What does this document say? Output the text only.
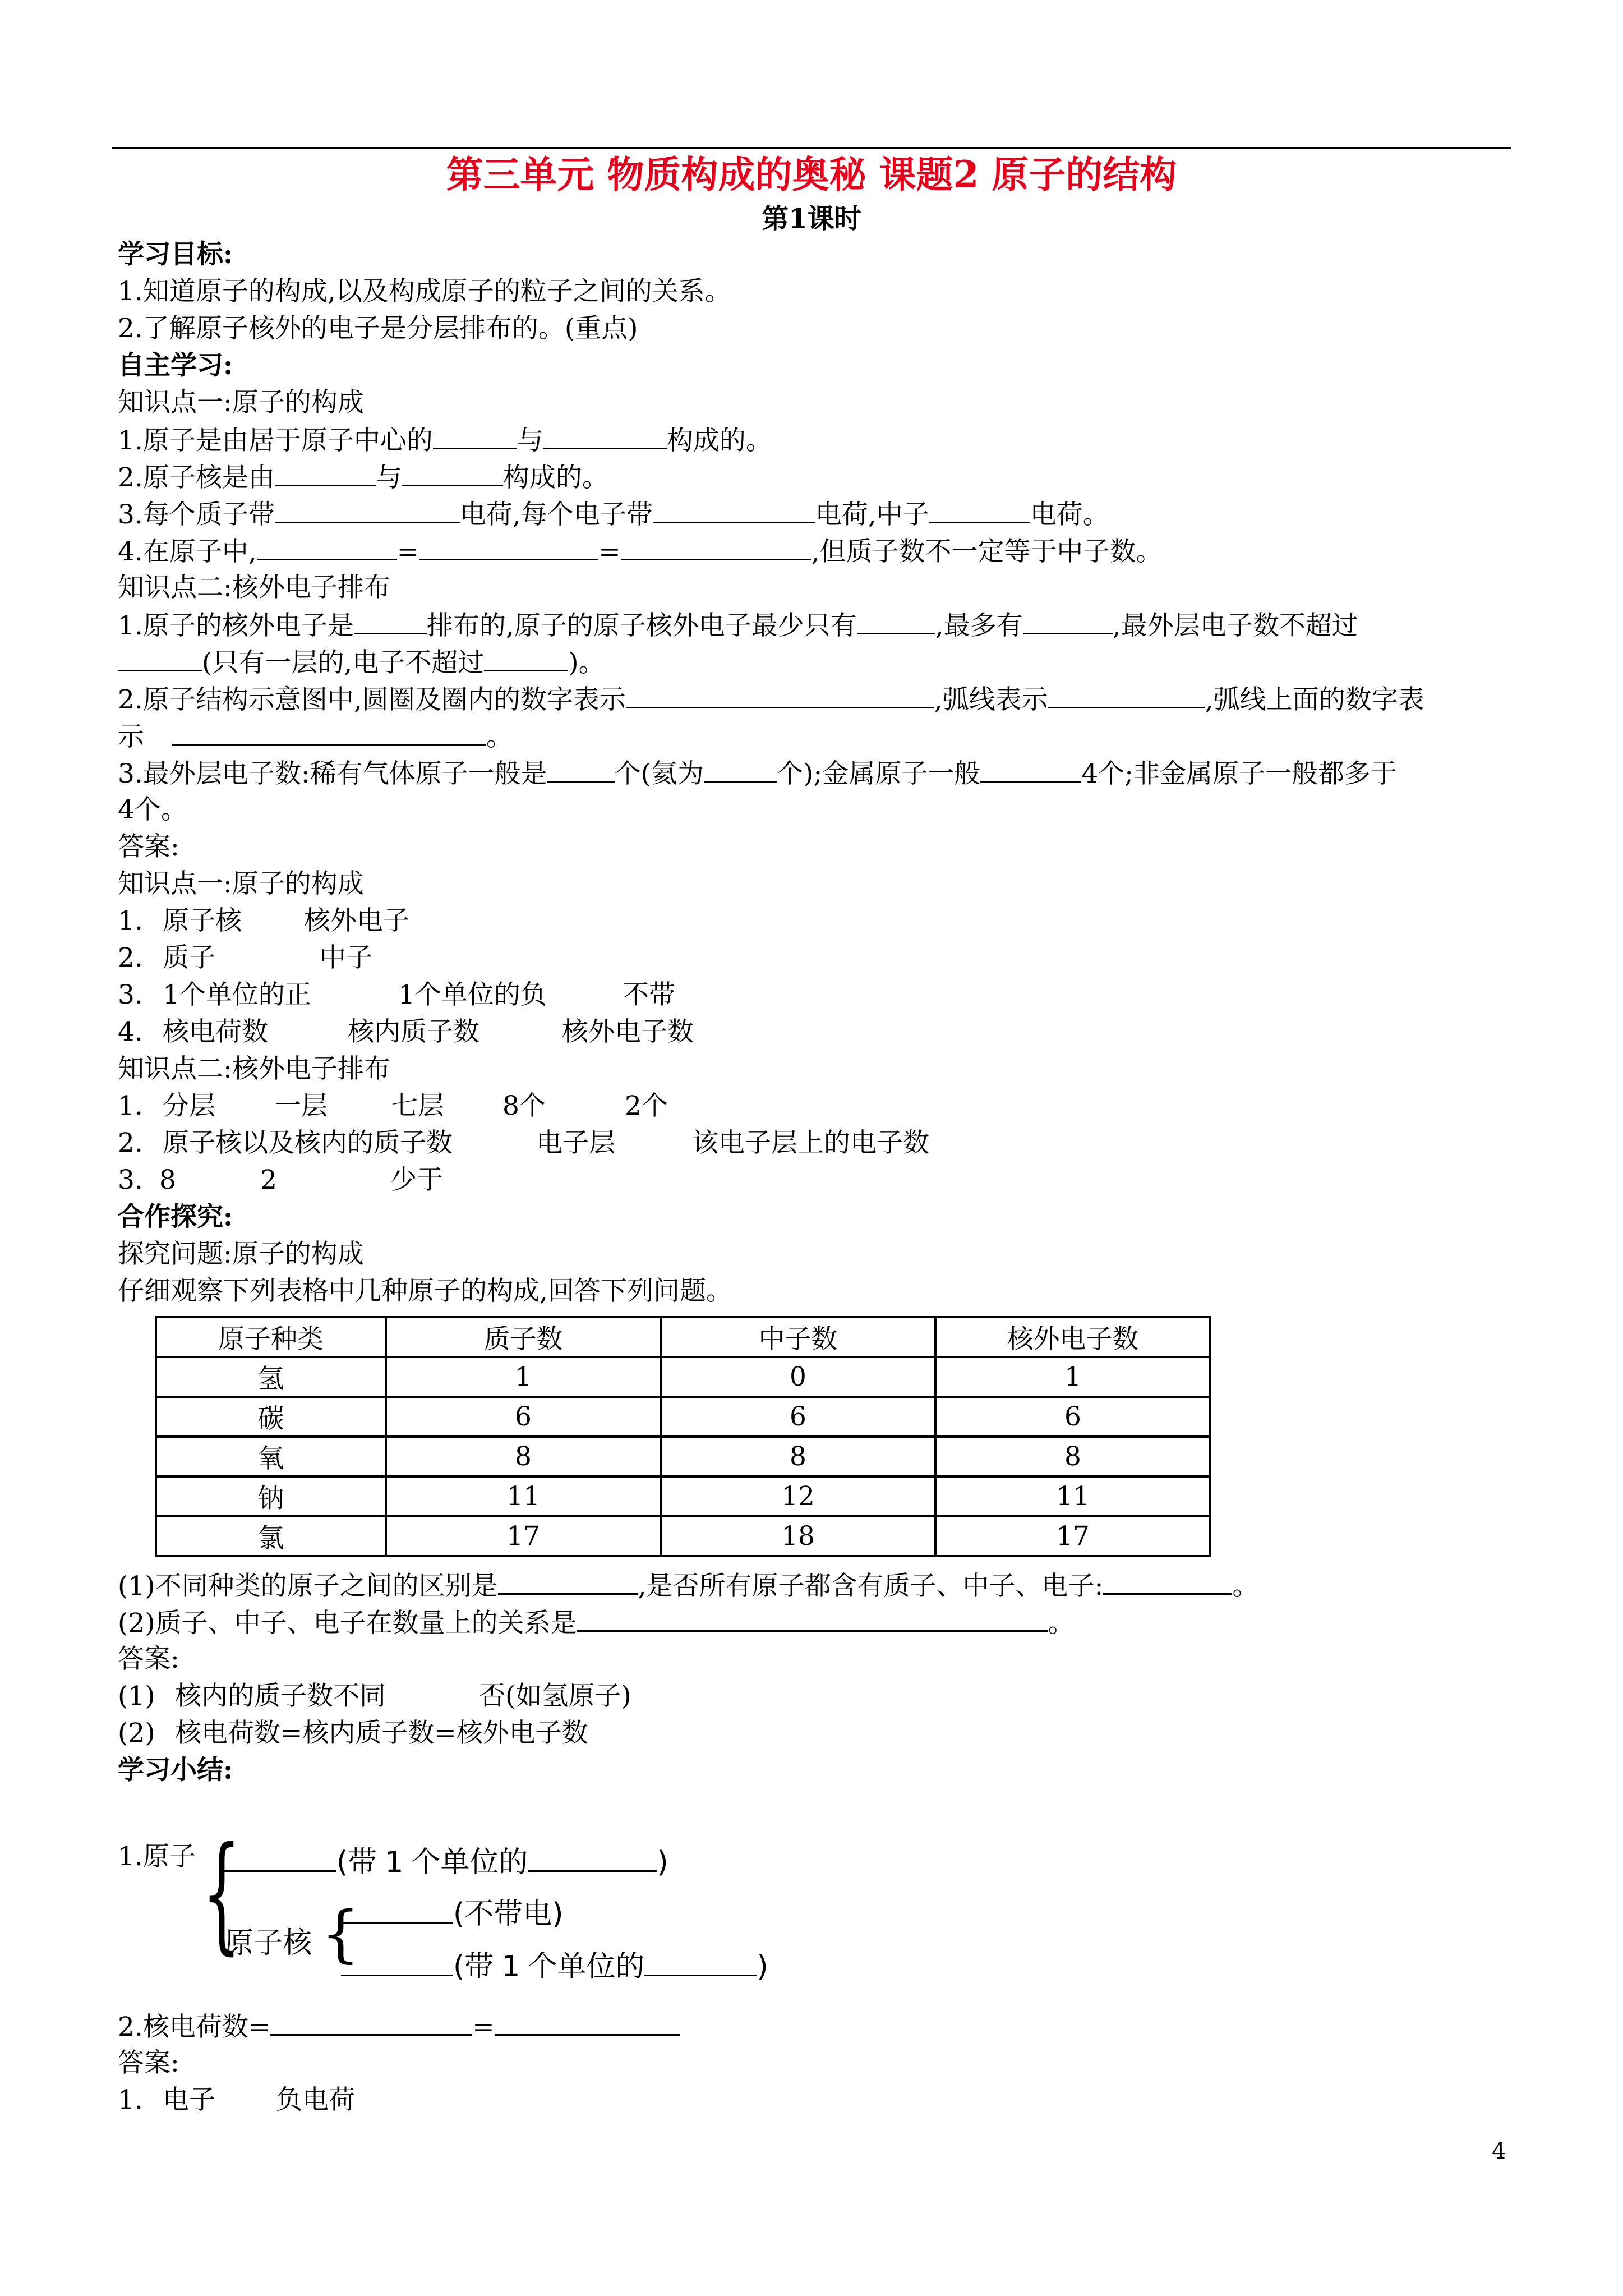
第三单元 物质构成的奥秘 课题2 原子的结构
第1课时
学习目标:
1.知道原子的构成,以及构成原子的粒子之间的关系。
2.了解原子核外的电子是分层排布的。(重点)
自主学习:
知识点一:原子的构成
1.原子是由居于原子中心的	与	构成的。
2.原子核是由	与	构成的。
3.每个质子带	电荷,每个电子带	电荷,中子	电荷。
4.在原子中,	=	=	,但质子数不一定等于中子数。
知识点二:核外电子排布
1.原子的核外电子是	排布的,原子的原子核外电子最少只有	,最多有	,最外层电子数不超过
(只有一层的,电子不超过	)。
2.原子结构示意图中,圆圈及圈内的数字表示	,弧线表示	,弧线上面的数字表
示	。
3.最外层电子数:稀有气体原子一般是	个(氦为	个);金属原子一般	4个;非金属原子一般都多于
4个。
答案:
知识点一:原子的构成
1. 原子核 核外电子
2. 质子	中子
3. 1个单位的正	1个单位的负	不带
4. 核电荷数	核内质子数	核外电子数
知识点二:核外电子排布
1. 分层 一层 七层 8个	2个
2. 原子核以及核内的质子数	电子层	该电子层上的电子数
3. 8	2	少于
合作探究:
探究问题:原子的构成
仔细观察下列表格中几种原子的构成,回答下列问题。
原子种类	质子数	中子数	核外电子数
氢	1	0	1
碳	6	6	6
氧	8	8	8
钠	11	12	11
氯	17	18	17
(1)不同种类的原子之间的区别是	,是否所有原子都含有质子、中子、电子:	。
(2)质子、中子、电子在数量上的关系是	。
答案:
(1) 核内的质子数不同	否(如氢原子)
(2) 核电荷数=核内质子数=核外电子数
学习小结:
1.原子 {	(带 1 个单位的	)
原子核 {	(不带电)
(带 1 个单位的	)
2.核电荷数=	=
答案:
1. 电子 负电荷
4
